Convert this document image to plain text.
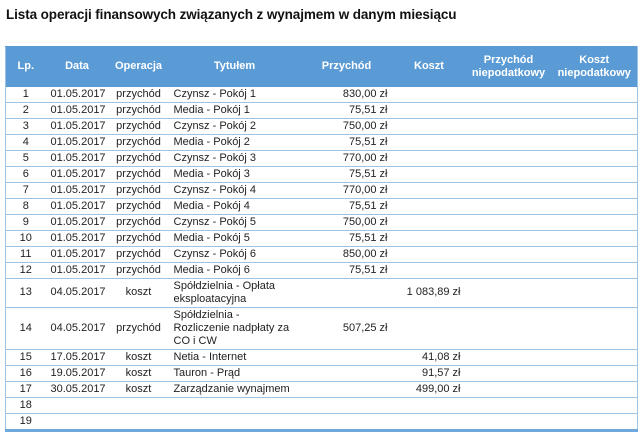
Lista operacji finansowych związanych z wynajmem w danym miesiącu
Lp.	Data	Operacja	Tytułem	Przychód	Koszt	Przychód niepodatkowy	Koszt niepodatkowy
1	01.05.2017	przychód	Czynsz - Pokój 1	830,00 zł			
2	01.05.2017	przychód	Media - Pokój 1	75,51 zł			
3	01.05.2017	przychód	Czynsz - Pokój 2	750,00 zł			
4	01.05.2017	przychód	Media - Pokój 2	75,51 zł			
5	01.05.2017	przychód	Czynsz - Pokój 3	770,00 zł			
6	01.05.2017	przychód	Media - Pokój 3	75,51 zł			
7	01.05.2017	przychód	Czynsz - Pokój 4	770,00 zł			
8	01.05.2017	przychód	Media - Pokój 4	75,51 zł			
9	01.05.2017	przychód	Czynsz - Pokój 5	750,00 zł			
10	01.05.2017	przychód	Media - Pokój 5	75,51 zł			
11	01.05.2017	przychód	Czynsz - Pokój 6	850,00 zł			
12	01.05.2017	przychód	Media - Pokój 6	75,51 zł			
13	04.05.2017	koszt	Spółdzielnia - Opłata eksploatacyjna		1 083,89 zł		
14	04.05.2017	przychód	Spółdzielnia - Rozliczenie nadpłaty za CO i CW	507,25 zł			
15	17.05.2017	koszt	Netia - Internet		41,08 zł		
16	19.05.2017	koszt	Tauron - Prąd		91,57 zł		
17	30.05.2017	koszt	Zarządzanie wynajmem		499,00 zł		
18							
19							
